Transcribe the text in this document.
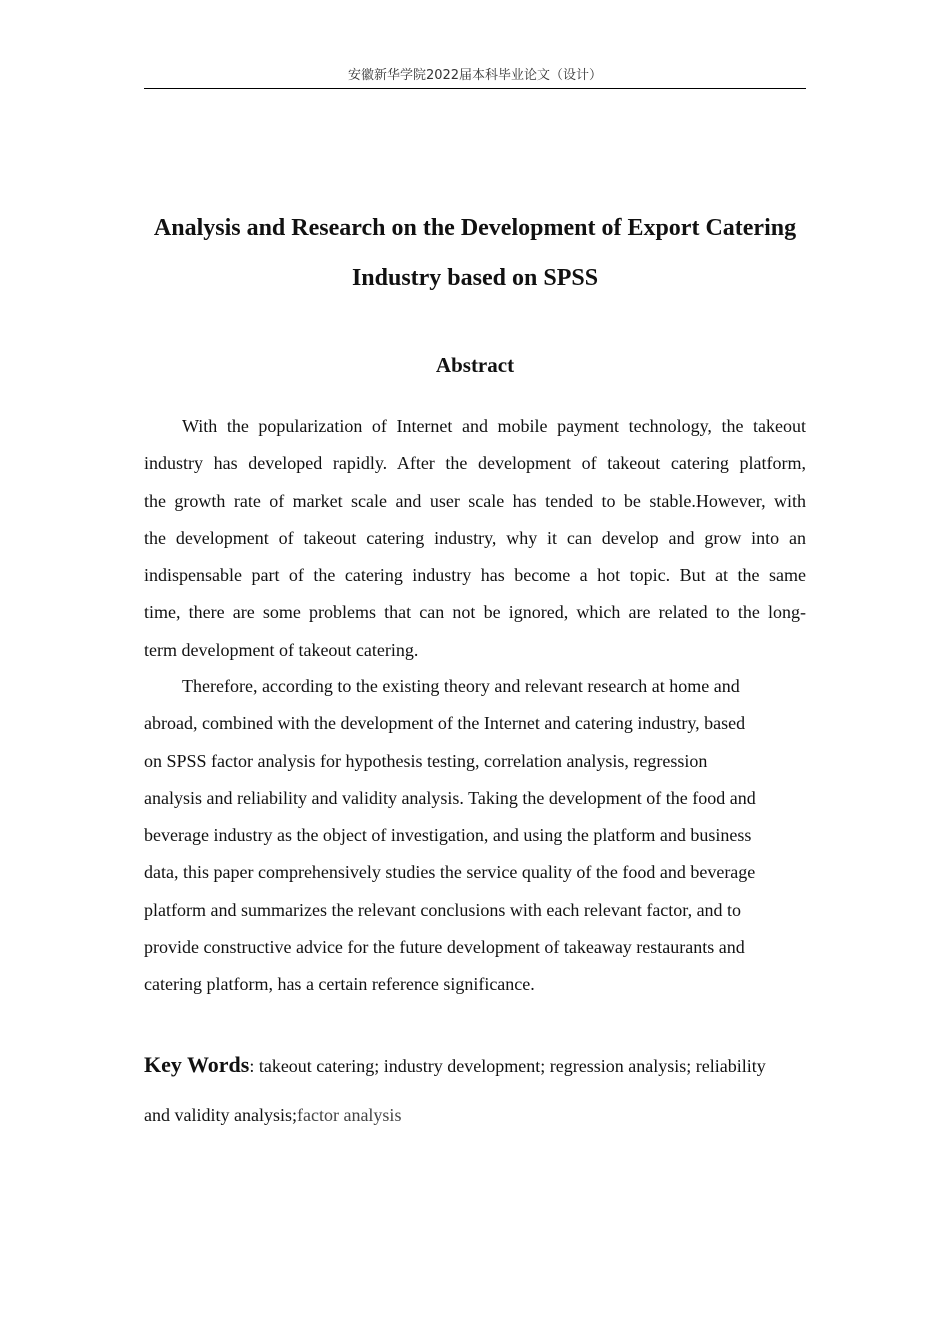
安徽新华学院2022届本科毕业论文（设计）
Analysis and Research on the Development of Export Catering
Industry based on SPSS
Abstract
With the popularization of Internet and mobile payment technology, the takeout
industry has developed rapidly. After the development of takeout catering platform,
the growth rate of market scale and user scale has tended to be stable.However, with
the development of takeout catering industry, why it can develop and grow into an
indispensable part of the catering industry has become a hot topic. But at the same
time, there are some problems that can not be ignored, which are related to the long-
term development of takeout catering.
Therefore, according to the existing theory and relevant research at home and
abroad, combined with the development of the Internet and catering industry, based
on SPSS factor analysis for hypothesis testing, correlation analysis, regression
analysis and reliability and validity analysis. Taking the development of the food and
beverage industry as the object of investigation, and using the platform and business
data, this paper comprehensively studies the service quality of the food and beverage
platform and summarizes the relevant conclusions with each relevant factor, and to
provide constructive advice for the future development of takeaway restaurants and
catering platform, has a certain reference significance.
Key Words: takeout catering; industry development; regression analysis; reliability
and validity analysis;factor analysis
